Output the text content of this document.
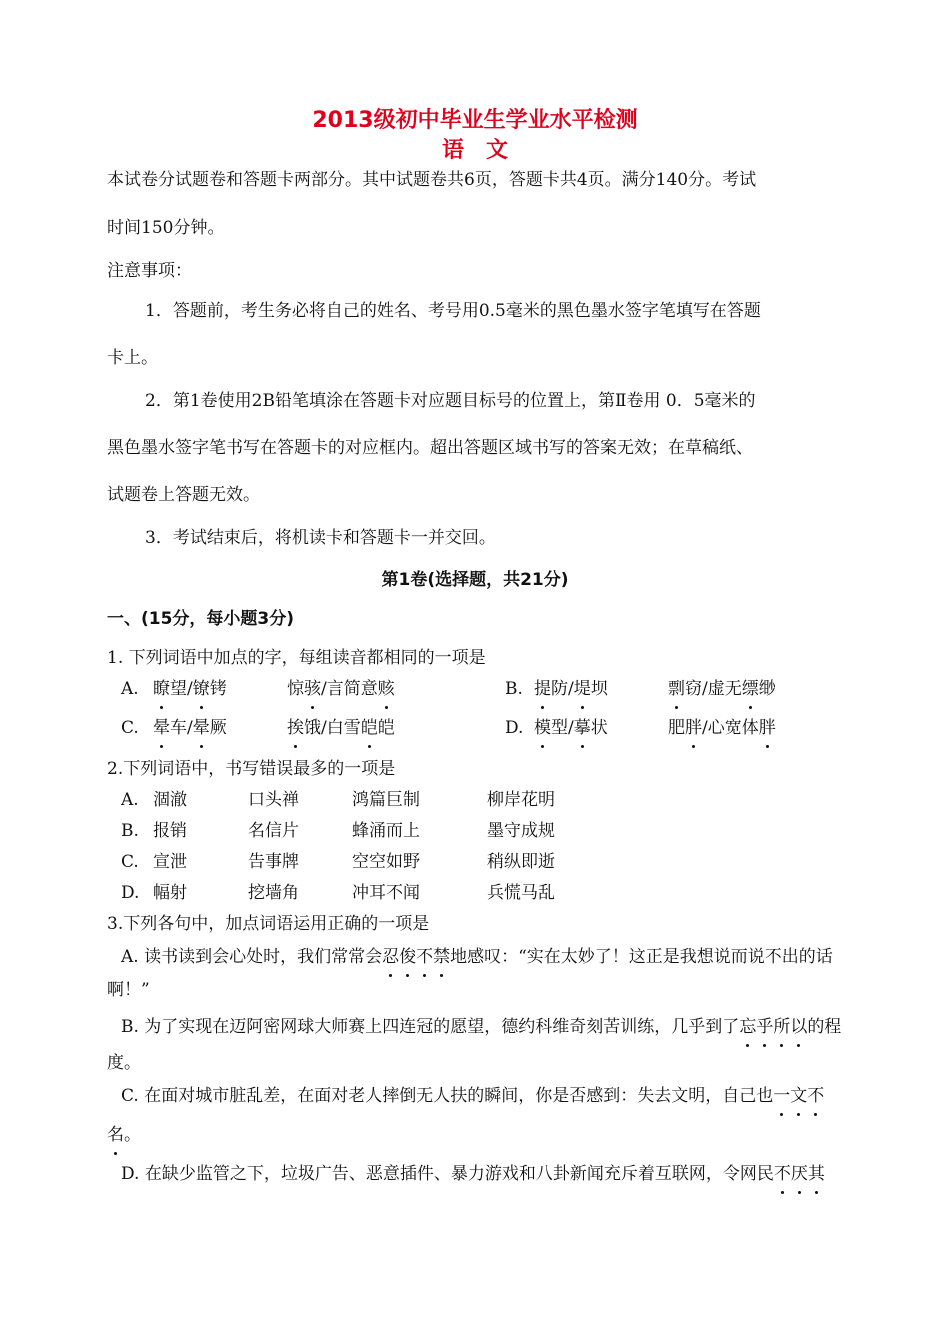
2013级初中毕业生学业水平检测
语　文
本试卷分试题卷和答题卡两部分。其中试题卷共6页，答题卡共4页。满分140分。考试
时间150分钟。
注意事项：
1．答题前，考生务必将自己的姓名、考号用0.5毫米的黑色墨水签字笔填写在答题
卡上。
2．第1卷使用2B铅笔填涂在答题卡对应题目标号的位置上，第Ⅱ卷用 0．5毫米的
黑色墨水签字笔书写在答题卡的对应框内。超出答题区域书写的答案无效；在草稿纸、
试题卷上答题无效。
3．考试结束后，将机读卡和答题卡一并交回。
第1卷(选择题，共21分)
一、(15分，每小题3分)
1. 下列词语中加点的字，每组读音都相同的一项是
A. 瞭望/镣铐	惊骇/言简意赅	B. 提防/堤坝	剽窃/虚无缥缈
C. 晕车/晕厥	挨饿/白雪皑皑	D. 模型/摹状	肥胖/心宽体胖
2.下列词语中，书写错误最多的一项是
A. 涸澈	口头禅	鸿篇巨制	柳岸花明
B. 报销	名信片	蜂涌而上	墨守成规
C. 宣泄	告事牌	空空如野	稍纵即逝
D. 幅射	挖墙角	冲耳不闻	兵慌马乱
3.下列各句中，加点词语运用正确的一项是
A. 读书读到会心处时，我们常常会忍俊不禁地感叹：“实在太妙了！这正是我想说而说不出的话
啊！”
B. 为了实现在迈阿密网球大师赛上四连冠的愿望，德约科维奇刻苦训练，几乎到了忘乎所以的程
度。
C. 在面对城市脏乱差，在面对老人摔倒无人扶的瞬间，你是否感到：失去文明，自己也一文不
名。
D. 在缺少监管之下，垃圾广告、恶意插件、暴力游戏和八卦新闻充斥着互联网，令网民不厌其
